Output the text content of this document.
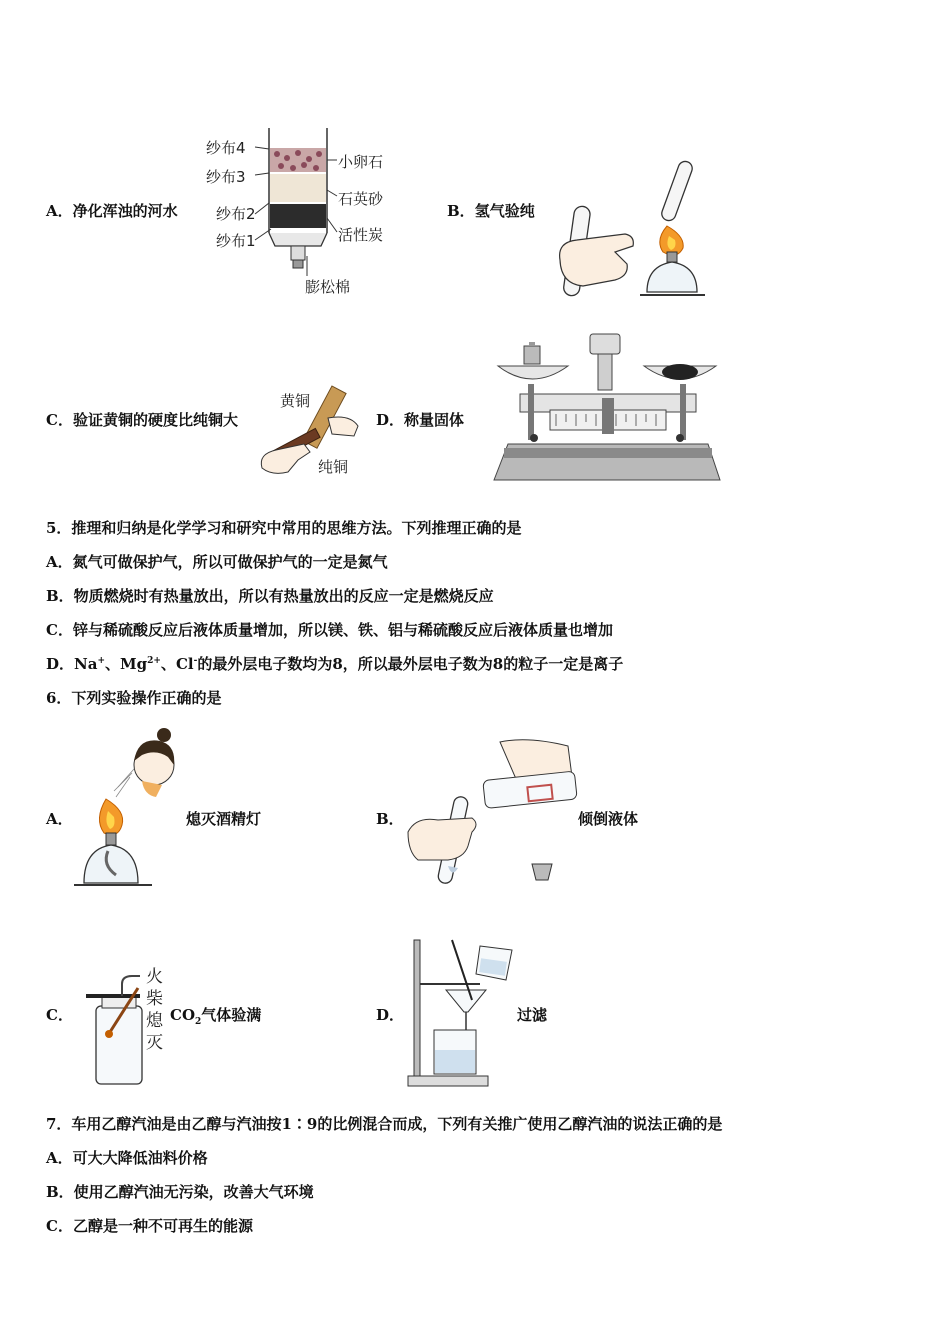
A．净化浑浊的河水
纱布4
纱布3
纱布2
纱布1
小卵石
石英砂
活性炭
膨松棉
B．氢气验纯
C．验证黄铜的硬度比纯铜大
黄铜
纯铜
D．称量固体
5．推理和归纳是化学学习和研究中常用的思维方法。下列推理正确的是
A．氮气可做保护气，所以可做保护气的一定是氮气
B．物质燃烧时有热量放出，所以有热量放出的反应一定是燃烧反应
C．锌与稀硫酸反应后液体质量增加，所以镁、铁、铝与稀硫酸反应后液体质量也增加
D．Na+、$Mg^{2+}$、Cl-的最外层电子数均为8，所以最外层电子数为8的粒子一定是离子
6．下列实验操作正确的是
A．	熄灭酒精灯	B．	倾倒液体
C．
火柴熄灭
$CO_2$气体验满	D．	过滤
7．车用乙醇汽油是由乙醇与汽油按1∶9的比例混合而成，下列有关推广使用乙醇汽油的说法正确的是
A．可大大降低油料价格
B．使用乙醇汽油无污染，改善大气环境
C．乙醇是一种不可再生的能源
